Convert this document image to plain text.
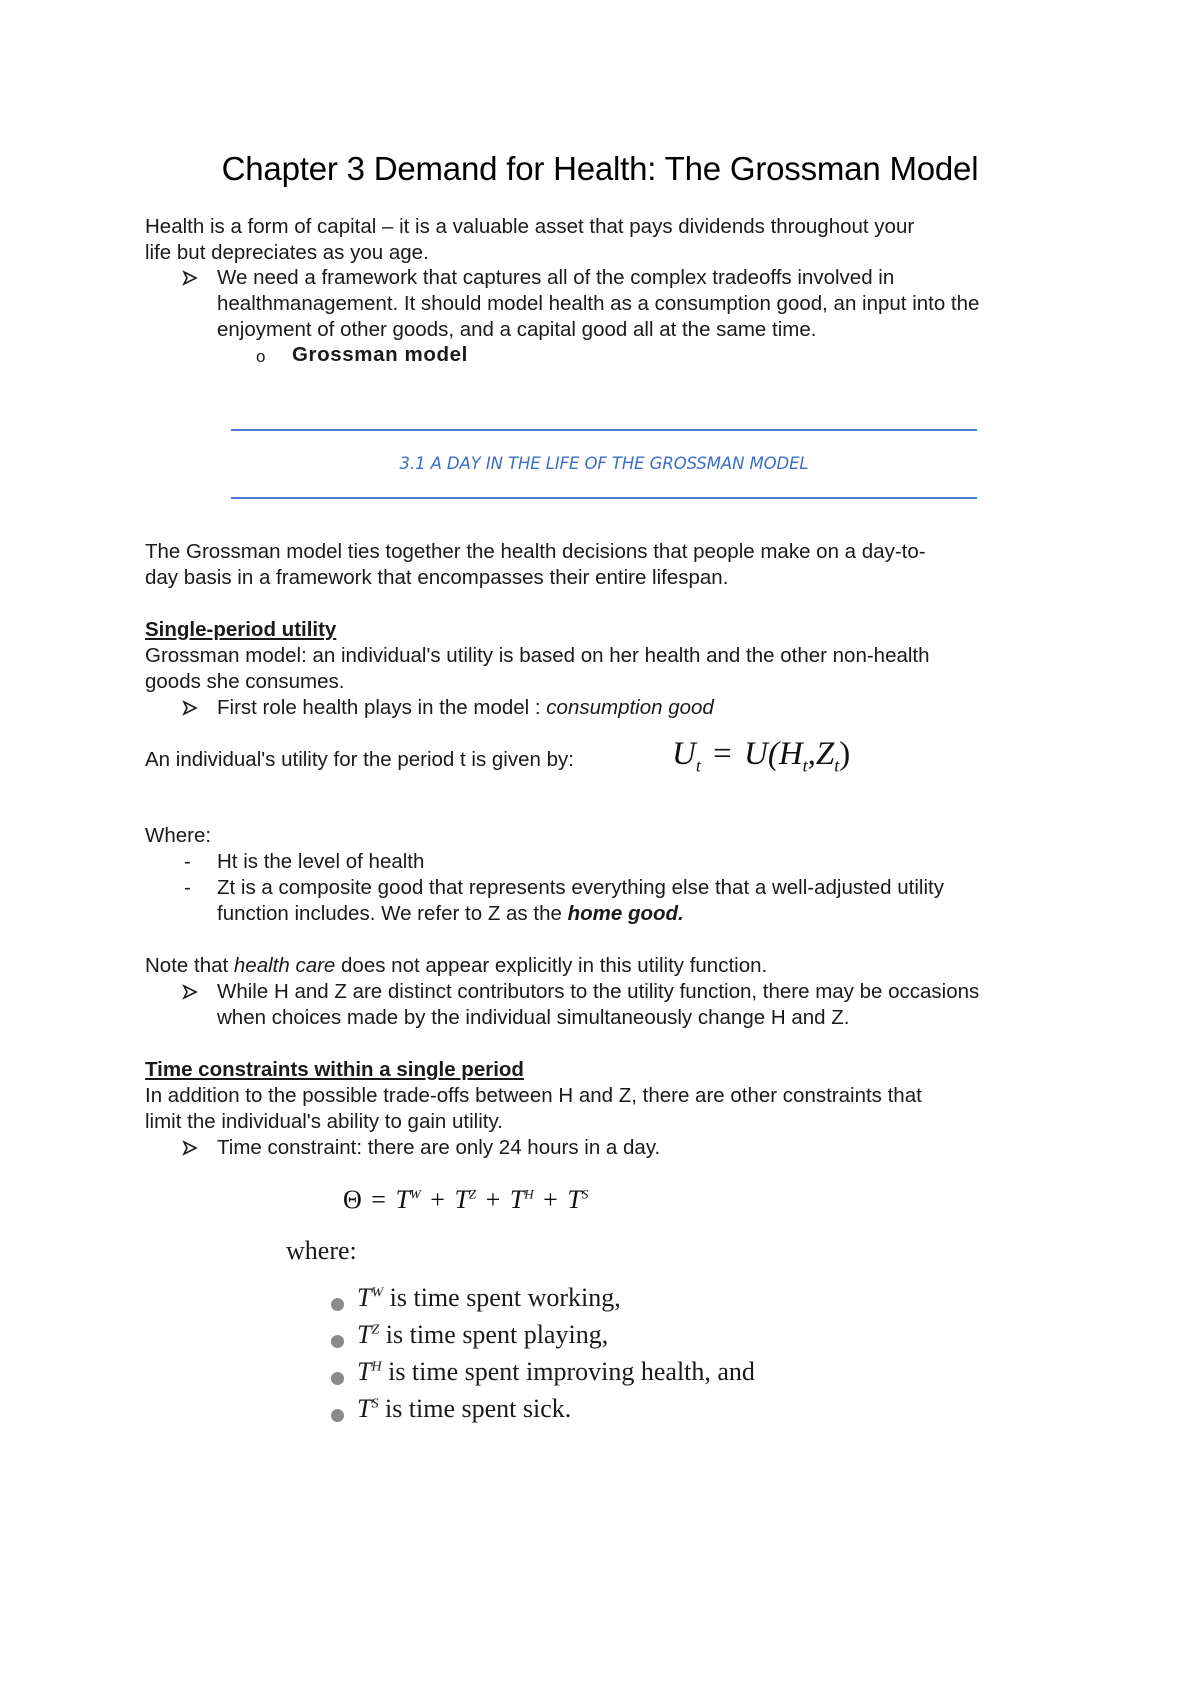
Chapter 3 Demand for Health: The Grossman Model
Health is a form of capital – it is a valuable asset that pays dividends throughout your
life but depreciates as you age.
We need a framework that captures all of the complex tradeoffs involved in
healthmanagement. It should model health as a consumption good, an input into the
enjoyment of other goods, and a capital good all at the same time.
o Grossman model
3.1 A DAY IN THE LIFE OF THE GROSSMAN MODEL
The Grossman model ties together the health decisions that people make on a day-to-
day basis in a framework that encompasses their entire lifespan.
Single-period utility
Grossman model: an individual's utility is based on her health and the other non-health
goods she consumes.
First role health plays in the model : consumption good
An individual's utility for the period t is given by:	$U_t = U(H_t,Z_t)$
Where:
- Ht is the level of health
- Zt is a composite good that represents everything else that a well-adjusted utility
function includes. We refer to Z as the home good.
Note that health care does not appear explicitly in this utility function.
While H and Z are distinct contributors to the utility function, there may be occasions
when choices made by the individual simultaneously change H and Z.
Time constraints within a single period
In addition to the possible trade-offs between H and Z, there are other constraints that
limit the individual's ability to gain utility.
Time constraint: there are only 24 hours in a day.
$\Theta = T^W + T^Z + T^H + T^S$
where:
$T^W$ is time spent working,
$T^Z$ is time spent playing,
$T^H$ is time spent improving health, and
$T^S$ is time spent sick.
